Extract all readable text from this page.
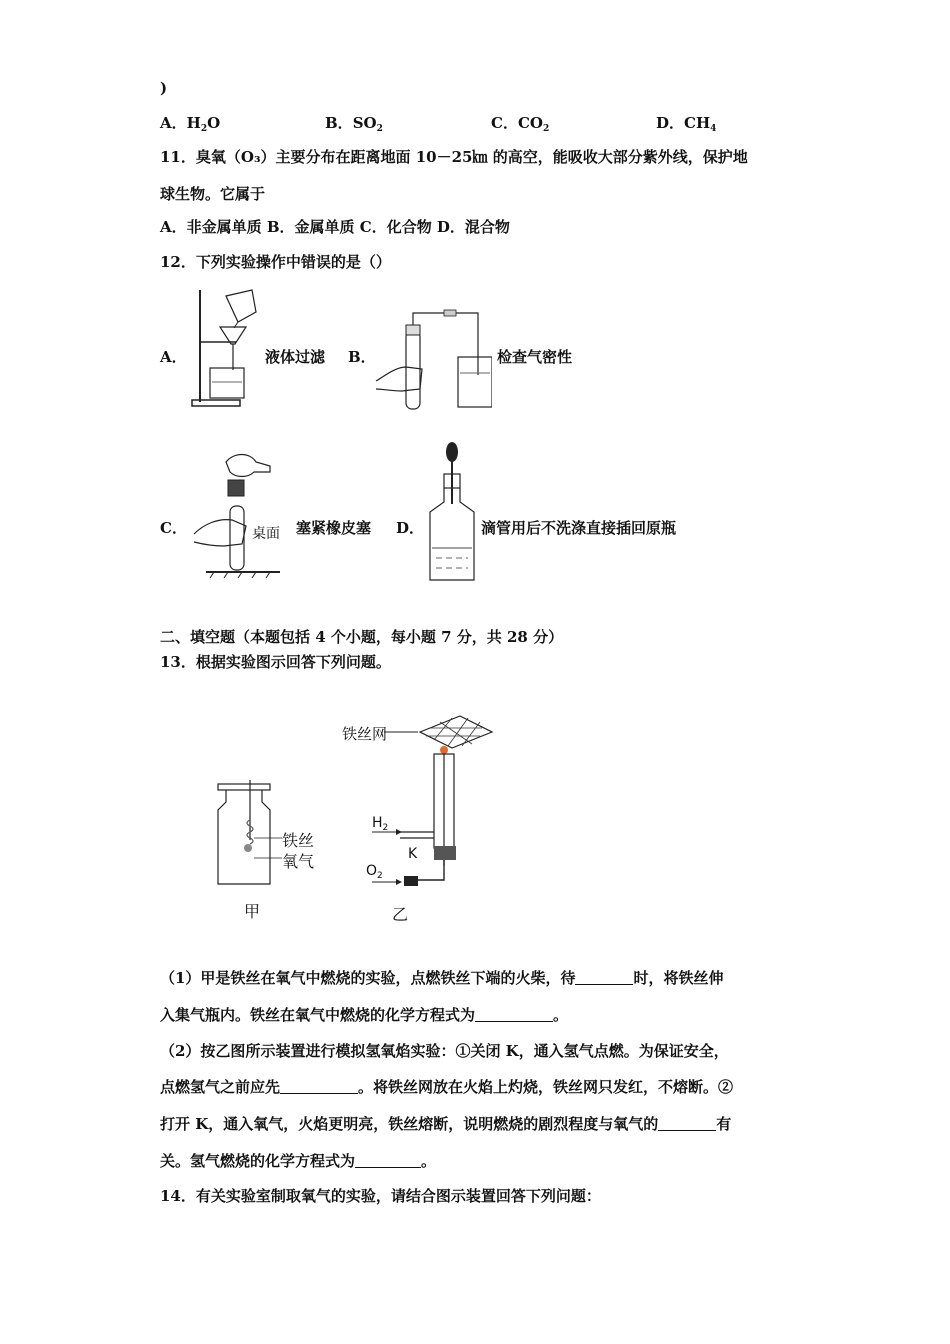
)
A．$H_2O$	B．$SO_2$	C．$CO_2$	D．$CH_4$
11．臭氧（O₃）主要分布在距离地面 10－25㎞ 的高空，能吸收大部分紫外线，保护地
球生物。它属于
A．非金属单质 B．金属单质 C．化合物 D．混合物
12．下列实验操作中错误的是（）
A．	液体过滤 B．	检查气密性
C．	桌面 塞紧橡皮塞 D．	滴管用后不洗涤直接插回原瓶
二、填空题（本题包括 4 个小题，每小题 7 分，共 28 分）
13．根据实验图示回答下列问题。
铁丝
氧气
甲
铁丝网
$H_2$
$O_2$
K
乙
（1）甲是铁丝在氧气中燃烧的实验，点燃铁丝下端的火柴，待	时，将铁丝伸
入集气瓶内。铁丝在氧气中燃烧的化学方程式为	。
（2）按乙图所示装置进行模拟氢氧焰实验：①关闭 K，通入氢气点燃。为保证安全，
点燃氢气之前应先	。将铁丝网放在火焰上灼烧，铁丝网只发红，不熔断。②
打开 K，通入氧气，火焰更明亮，铁丝熔断，说明燃烧的剧烈程度与氧气的	有
关。氢气燃烧的化学方程式为	。
14．有关实验室制取氧气的实验，请结合图示装置回答下列问题：
